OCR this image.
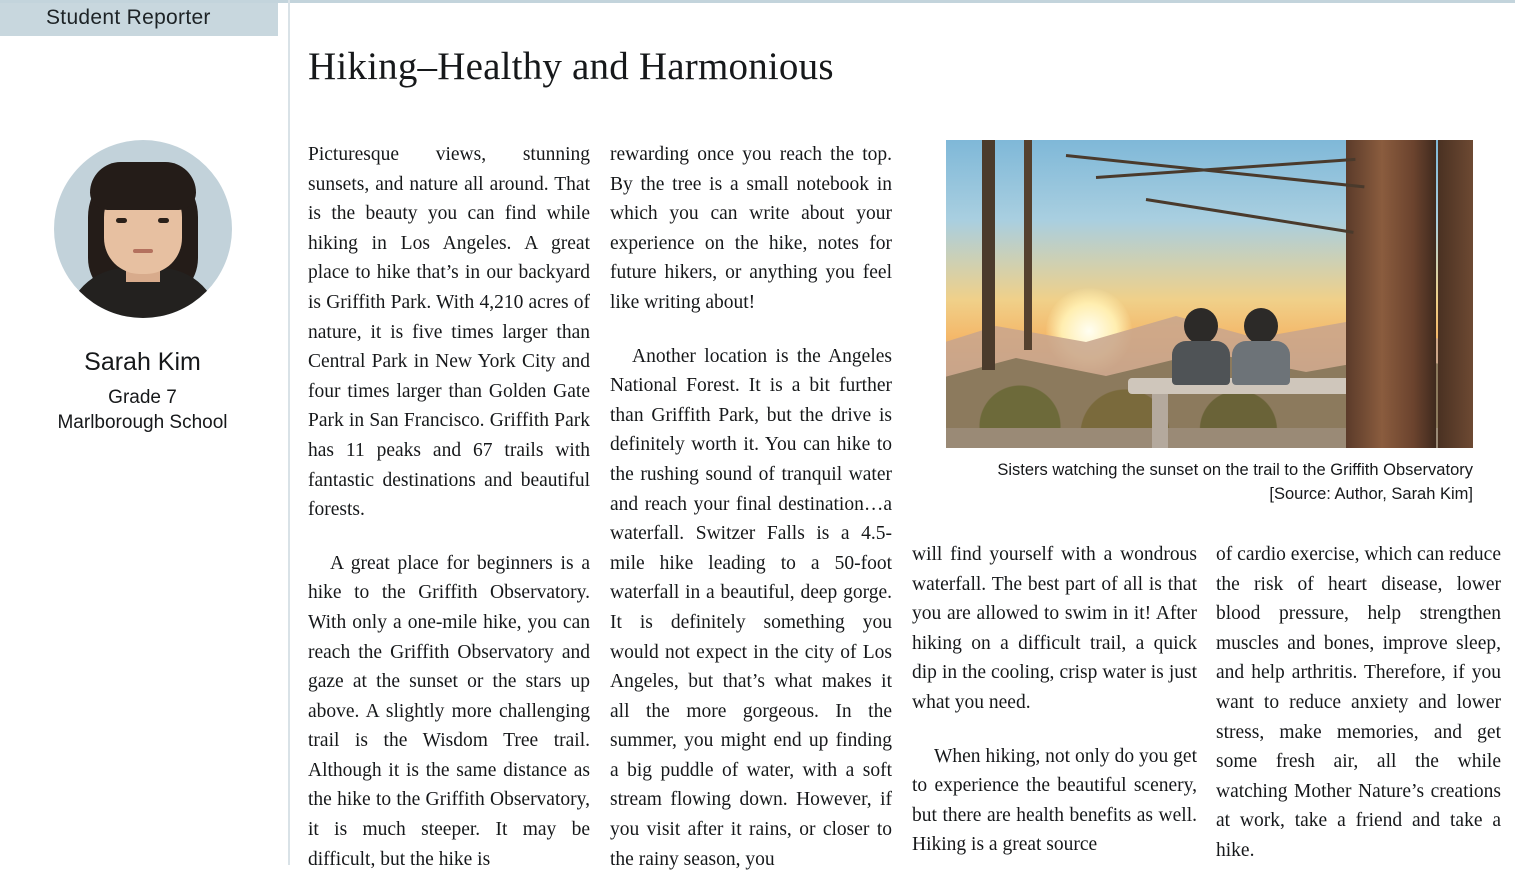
Student Reporter
Hiking–Healthy and Harmonious
Sarah Kim
Grade 7
Marlborough School

Picturesque views, stunning sunsets, and nature all around. That is the beauty you can find while hiking in Los Angeles. A great place to hike that’s in our backyard is Griffith Park. With 4,210 acres of nature, it is five times larger than Central Park in New York City and four times larger than Golden Gate Park in San Francisco. Griffith Park has 11 peaks and 67 trails with fantastic destinations and beautiful forests.

A great place for beginners is a hike to the Griffith Observatory. With only a one-mile hike, you can reach the Griffith Observatory and gaze at the sunset or the stars up above. A slightly more challenging trail is the Wisdom Tree trail. Although it is the same distance as the hike to the Griffith Observatory, it is much steeper. It may be difficult, but the hike is

rewarding once you reach the top. By the tree is a small notebook in which you can write about your experience on the hike, notes for future hikers, or anything you feel like writing about!

Another location is the Angeles National Forest. It is a bit further than Griffith Park, but the drive is definitely worth it. You can hike to the rushing sound of tranquil water and reach your final destination…a waterfall. Switzer Falls is a 4.5-mile hike leading to a 50-foot waterfall in a beautiful, deep gorge. It is definitely something you would not expect in the city of Los Angeles, but that’s what makes it all the more gorgeous. In the summer, you might end up finding a big puddle of water, with a soft stream flowing down. However, if you visit after it rains, or closer to the rainy season, you

Sisters watching the sunset on the trail to the Griffith Observatory
[Source: Author, Sarah Kim]

will find yourself with a wondrous waterfall. The best part of all is that you are allowed to swim in it! After hiking on a difficult trail, a quick dip in the cooling, crisp water is just what you need.

When hiking, not only do you get to experience the beautiful scenery, but there are health benefits as well. Hiking is a great source

of cardio exercise, which can reduce the risk of heart disease, lower blood pressure, help strengthen muscles and bones, improve sleep, and help arthritis. Therefore, if you want to reduce anxiety and lower stress, make memories, and get some fresh air, all the while watching Mother Nature’s creations at work, take a friend and take a hike.
